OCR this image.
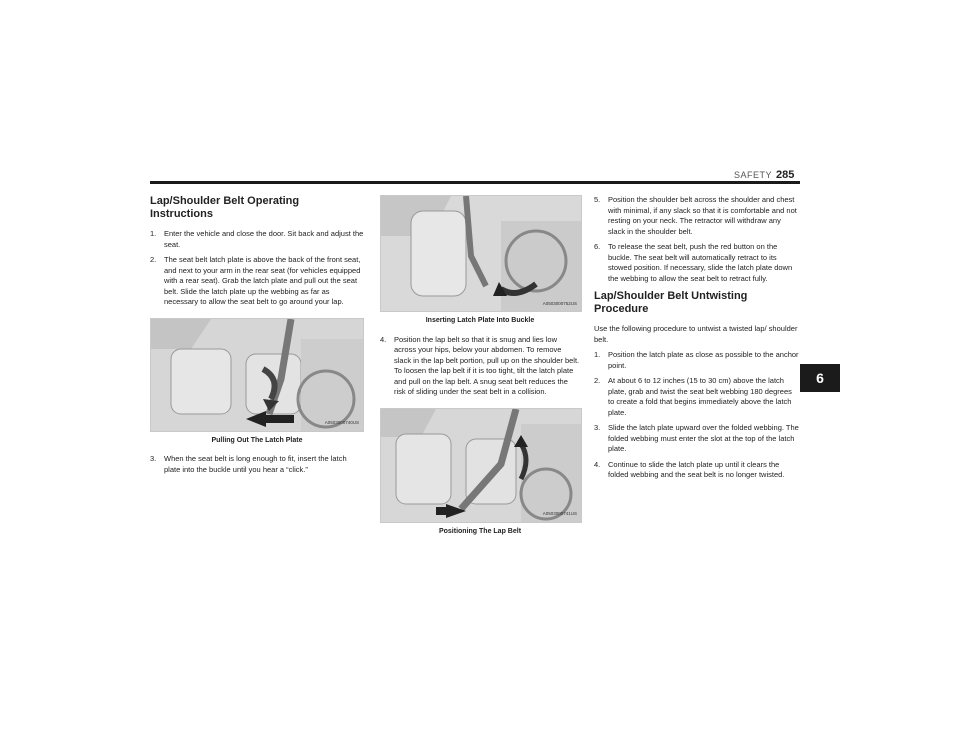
SAFETY 285
6
Lap/Shoulder Belt Operating Instructions
1.	Enter the vehicle and close the door. Sit back and adjust the seat.
2.	The seat belt latch plate is above the back of the front seat, and next to your arm in the rear seat (for vehicles equipped with a rear seat). Grab the latch plate and pull out the seat belt. Slide the latch plate up the webbing as far as necessary to allow the seat belt to go around your lap.
A0503000740US
Pulling Out The Latch Plate
3.	When the seat belt is long enough to fit, insert the latch plate into the buckle until you hear a “click.”
A0503000752US
Inserting Latch Plate Into Buckle
4.	Position the lap belt so that it is snug and lies low across your hips, below your abdomen. To remove slack in the lap belt portion, pull up on the shoulder belt. To loosen the lap belt if it is too tight, tilt the latch plate and pull on the lap belt. A snug seat belt reduces the risk of sliding under the seat belt in a collision.
A0503000741US
Positioning The Lap Belt
5.	Position the shoulder belt across the shoulder and chest with minimal, if any slack so that it is comfortable and not resting on your neck. The retractor will withdraw any slack in the shoulder belt.
6.	To release the seat belt, push the red button on the buckle. The seat belt will automatically retract to its stowed position. If necessary, slide the latch plate down the webbing to allow the seat belt to retract fully.
Lap/Shoulder Belt Untwisting Procedure

Use the following procedure to untwist a twisted lap/ shoulder belt.

1.	Position the latch plate as close as possible to the anchor point.
2.	At about 6 to 12 inches (15 to 30 cm) above the latch plate, grab and twist the seat belt webbing 180 degrees to create a fold that begins immediately above the latch plate.
3.	Slide the latch plate upward over the folded webbing. The folded webbing must enter the slot at the top of the latch plate.
4.	Continue to slide the latch plate up until it clears the folded webbing and the seat belt is no longer twisted.
